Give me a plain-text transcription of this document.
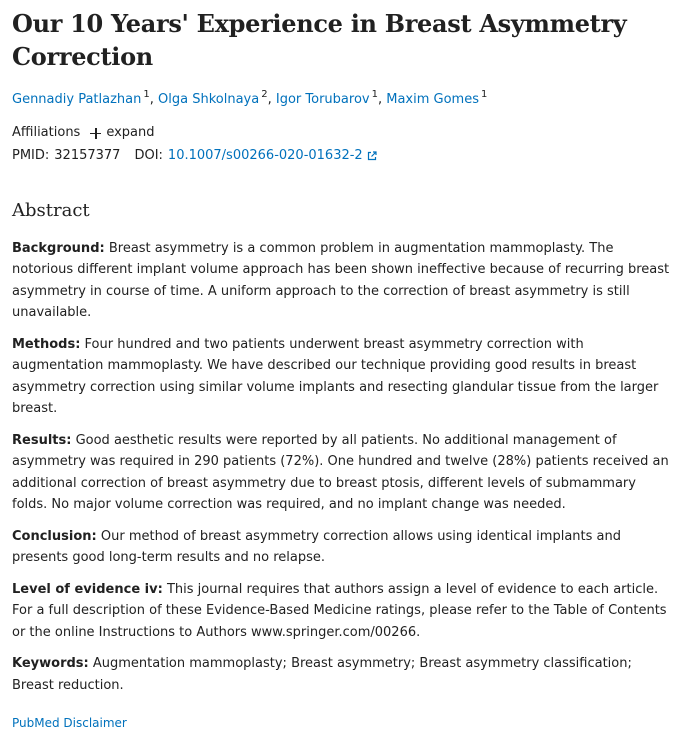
Our 10 Years' Experience in Breast Asymmetry Correction
Gennadiy Patlazhan $^1$, Olga Shkolnaya $^2$, Igor Torubarov $^1$, Maxim Gomes $^1$
Affiliations expand
PMID: 32157377 DOI: 10.1007/s00266-020-01632-2
Abstract
Background: Breast asymmetry is a common problem in augmentation mammoplasty. The notorious different implant volume approach has been shown ineffective because of recurring breast asymmetry in course of time. A uniform approach to the correction of breast asymmetry is still unavailable.
Methods: Four hundred and two patients underwent breast asymmetry correction with augmentation mammoplasty. We have described our technique providing good results in breast asymmetry correction using similar volume implants and resecting glandular tissue from the larger breast.
Results: Good aesthetic results were reported by all patients. No additional management of asymmetry was required in 290 patients (72%). One hundred and twelve (28%) patients received an additional correction of breast asymmetry due to breast ptosis, different levels of submammary folds. No major volume correction was required, and no implant change was needed.
Conclusion: Our method of breast asymmetry correction allows using identical implants and presents good long-term results and no relapse.
Level of evidence iv: This journal requires that authors assign a level of evidence to each article. For a full description of these Evidence-Based Medicine ratings, please refer to the Table of Contents or the online Instructions to Authors www.springer.com/00266.
Keywords: Augmentation mammoplasty; Breast asymmetry; Breast asymmetry classification; Breast reduction.
PubMed Disclaimer
